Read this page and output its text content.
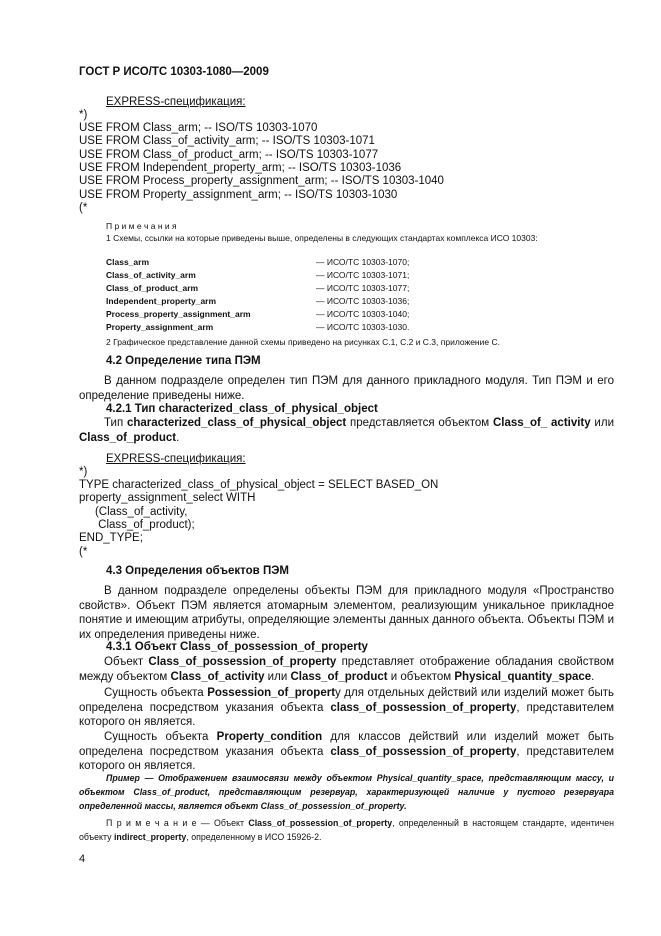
ГОСТ Р ИСО/ТС 10303-1080—2009
EXPRESS-спецификация:
*)
USE FROM Class_arm; -- ISO/TS 10303-1070
USE FROM Class_of_activity_arm; -- ISO/TS 10303-1071
USE FROM Class_of_product_arm; -- ISO/TS 10303-1077
USE FROM Independent_property_arm; -- ISO/TS 10303-1036
USE FROM Process_property_assignment_arm; -- ISO/TS 10303-1040
USE FROM Property_assignment_arm; -- ISO/TS 10303-1030
(*
П р и м е ч а н и я
1 Схемы, ссылки на которые приведены выше, определены в следующих стандартах комплекса ИСО 10303:
Class_arm	— ИСО/ТС 10303-1070;
Class_of_activity_arm	— ИСО/ТС 10303-1071;
Class_of_product_arm	— ИСО/ТС 10303-1077;
Independent_property_arm	— ИСО/ТС 10303-1036;
Process_property_assignment_arm	— ИСО/ТС 10303-1040;
Property_assignment_arm	— ИСО/ТС 10303-1030.
2 Графическое представление данной схемы приведено на рисунках С.1, С.2 и С.3, приложение С.
4.2 Определение типа ПЭМ
В данном подразделе определен тип ПЭМ для данного прикладного модуля. Тип ПЭМ и его определение приведены ниже.
4.2.1 Тип characterized_class_of_physical_object
Тип characterized_class_of_physical_object представляется объектом Class_of_ activity или Class_of_product.
EXPRESS-спецификация:
*)
TYPE characterized_class_of_physical_object = SELECT BASED_ON
property_assignment_select WITH
(Class_of_activity,
Class_of_product);
END_TYPE;
(*
4.3 Определения объектов ПЭМ
В данном подразделе определены объекты ПЭМ для прикладного модуля «Пространство свойств». Объект ПЭМ является атомарным элементом, реализующим уникальное прикладное понятие и имеющим атрибуты, определяющие элементы данных данного объекта. Объекты ПЭМ и их определения приведены ниже.
4.3.1 Объект Class_of_possession_of_property
Объект Class_of_possession_of_property представляет отображение обладания свойством между объектом Class_of_activity или Class_of_product и объектом Physical_quantity_space.
Сущность объекта Possession_of_propertу для отдельных действий или изделий может быть определена посредством указания объекта class_of_possession_of_property, представителем которого он является.
Сущность объекта Property_condition для классов действий или изделий может быть определена посредством указания объекта class_of_possession_of_property, представителем которого он является.
Пример — Отображением взаимосвязи между объектом Physical_quantity_space, представляющим массу, и объектом Class_of_product, представляющим резервуар, характеризующей наличие у пустого резервуара определенной массы, является объект Class_of_possession_of_property.
П р и м е ч а н и е — Объект Class_of_possession_of_property, определенный в настоящем стандарте, идентичен объекту indirect_property, определенному в ИСО 15926-2.
4
